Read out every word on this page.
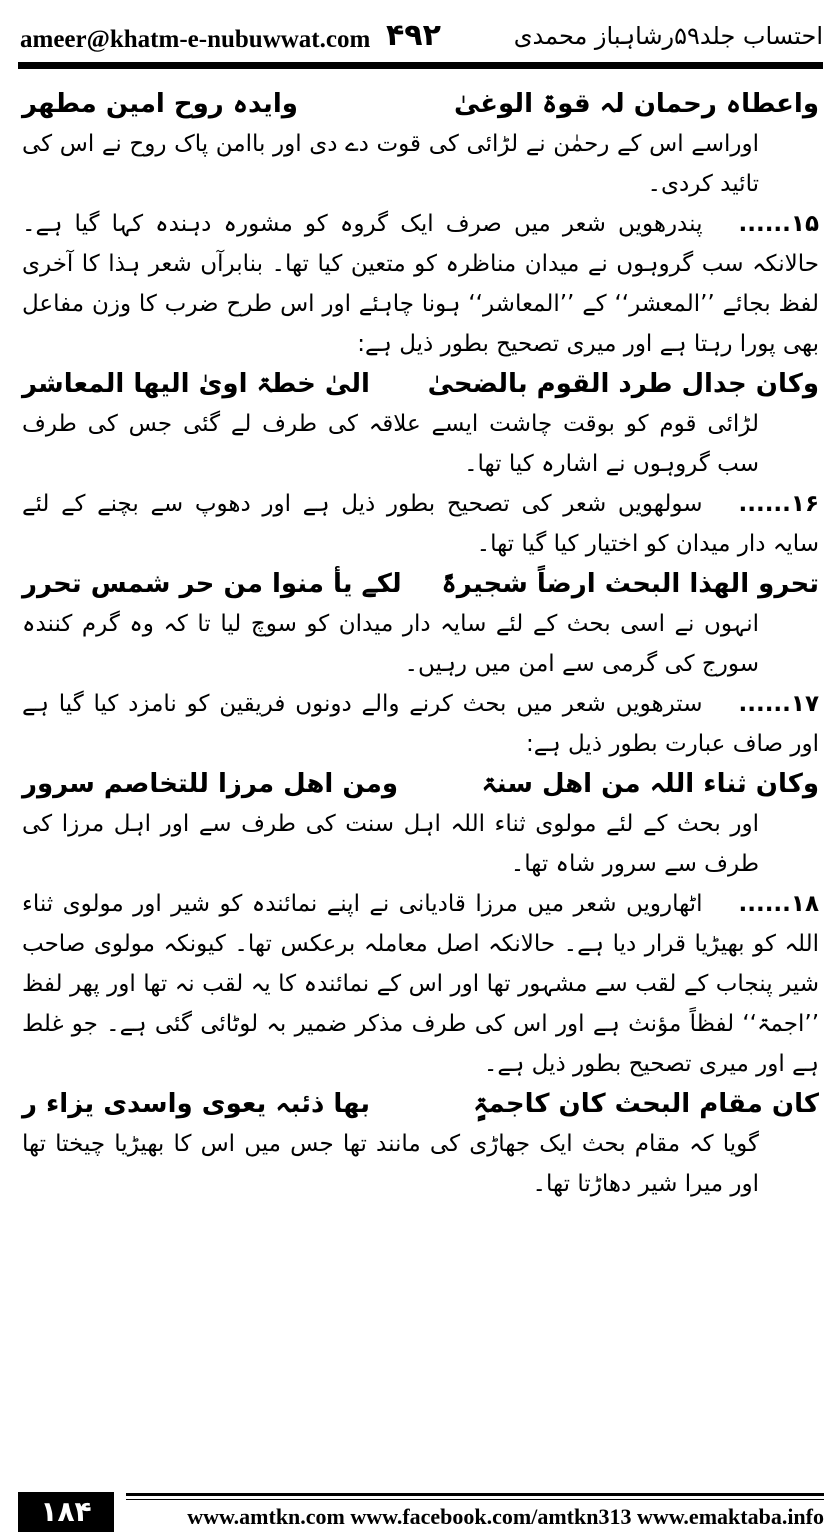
ameer@khatm-e-nubuwwat.com ۴۹۲	احتساب جلد۵۹رشاہباز محمدی
واعطاہ رحمان لہ قوۃ الوغیٰ
وایدہ روح امین مطھر
اوراسے اس کے رحمٰن نے لڑائی کی قوت دے دی اور باامن پاک روح نے اس کی تائید کردی۔
۱۵......پندرھویں شعر میں صرف ایک گروہ کو مشورہ دہندہ کہا گیا ہے۔ حالانکہ سب گروہوں نے میدان مناظرہ کو متعین کیا تھا۔ بنابرآں شعر ہذا کا آخری لفظ بجائے ’’المعشر‘‘ کے ’’المعاشر‘‘ ہونا چاہئے اور اس طرح ضرب کا وزن مفاعل بھی پورا رہتا ہے اور میری تصحیح بطور ذیل ہے:
وکان جدال طرد القوم بالضحیٰ
الیٰ خطۃ اویٰ الیھا المعاشر
لڑائی قوم کو بوقت چاشت ایسے علاقہ کی طرف لے گئی جس کی طرف سب گروہوں نے اشارہ کیا تھا۔
۱۶......سولھویں شعر کی تصحیح بطور ذیل ہے اور دھوپ سے بچنے کے لئے سایہ دار میدان کو اختیار کیا گیا تھا۔
تحرو الھذا البحث ارضاً شجیرۃً
لکے یأ منوا من حر شمس تحرر
انہوں نے اسی بحث کے لئے سایہ دار میدان کو سوچ لیا تا کہ وہ گرم کنندہ سورج کی گرمی سے امن میں رہیں۔
۱۷......سترھویں شعر میں بحث کرنے والے دونوں فریقین کو نامزد کیا گیا ہے اور صاف عبارت بطور ذیل ہے:
وکان ثناء اللہ من اھل سنۃ
ومن اھل مرزا للتخاصم سرور
اور بحث کے لئے مولوی ثناء اللہ اہل سنت کی طرف سے اور اہل مرزا کی طرف سے سرور شاہ تھا۔
۱۸......اٹھارویں شعر میں مرزا قادیانی نے اپنے نمائندہ کو شیر اور مولوی ثناء اللہ کو بھیڑیا قرار دیا ہے۔ حالانکہ اصل معاملہ برعکس تھا۔ کیونکہ مولوی صاحب شیر پنجاب کے لقب سے مشہور تھا اور اس کے نمائندہ کا یہ لقب نہ تھا اور پھر لفظ ’’اجمۃ‘‘ لفظاً مؤنث ہے اور اس کی طرف مذکر ضمیر بہ لوٹائی گئی ہے۔ جو غلط ہے اور میری تصحیح بطور ذیل ہے۔
کان مقام البحث کان کاجمۃٍ
بھا ذئبہ یعوی واسدی یزاء ر
گویا کہ مقام بحث ایک جھاڑی کی مانند تھا جس میں اس کا بھیڑیا چیختا تھا اور میرا شیر دھاڑتا تھا۔
۱۸۴	www.amtkn.com www.facebook.com/amtkn313 www.emaktaba.info
